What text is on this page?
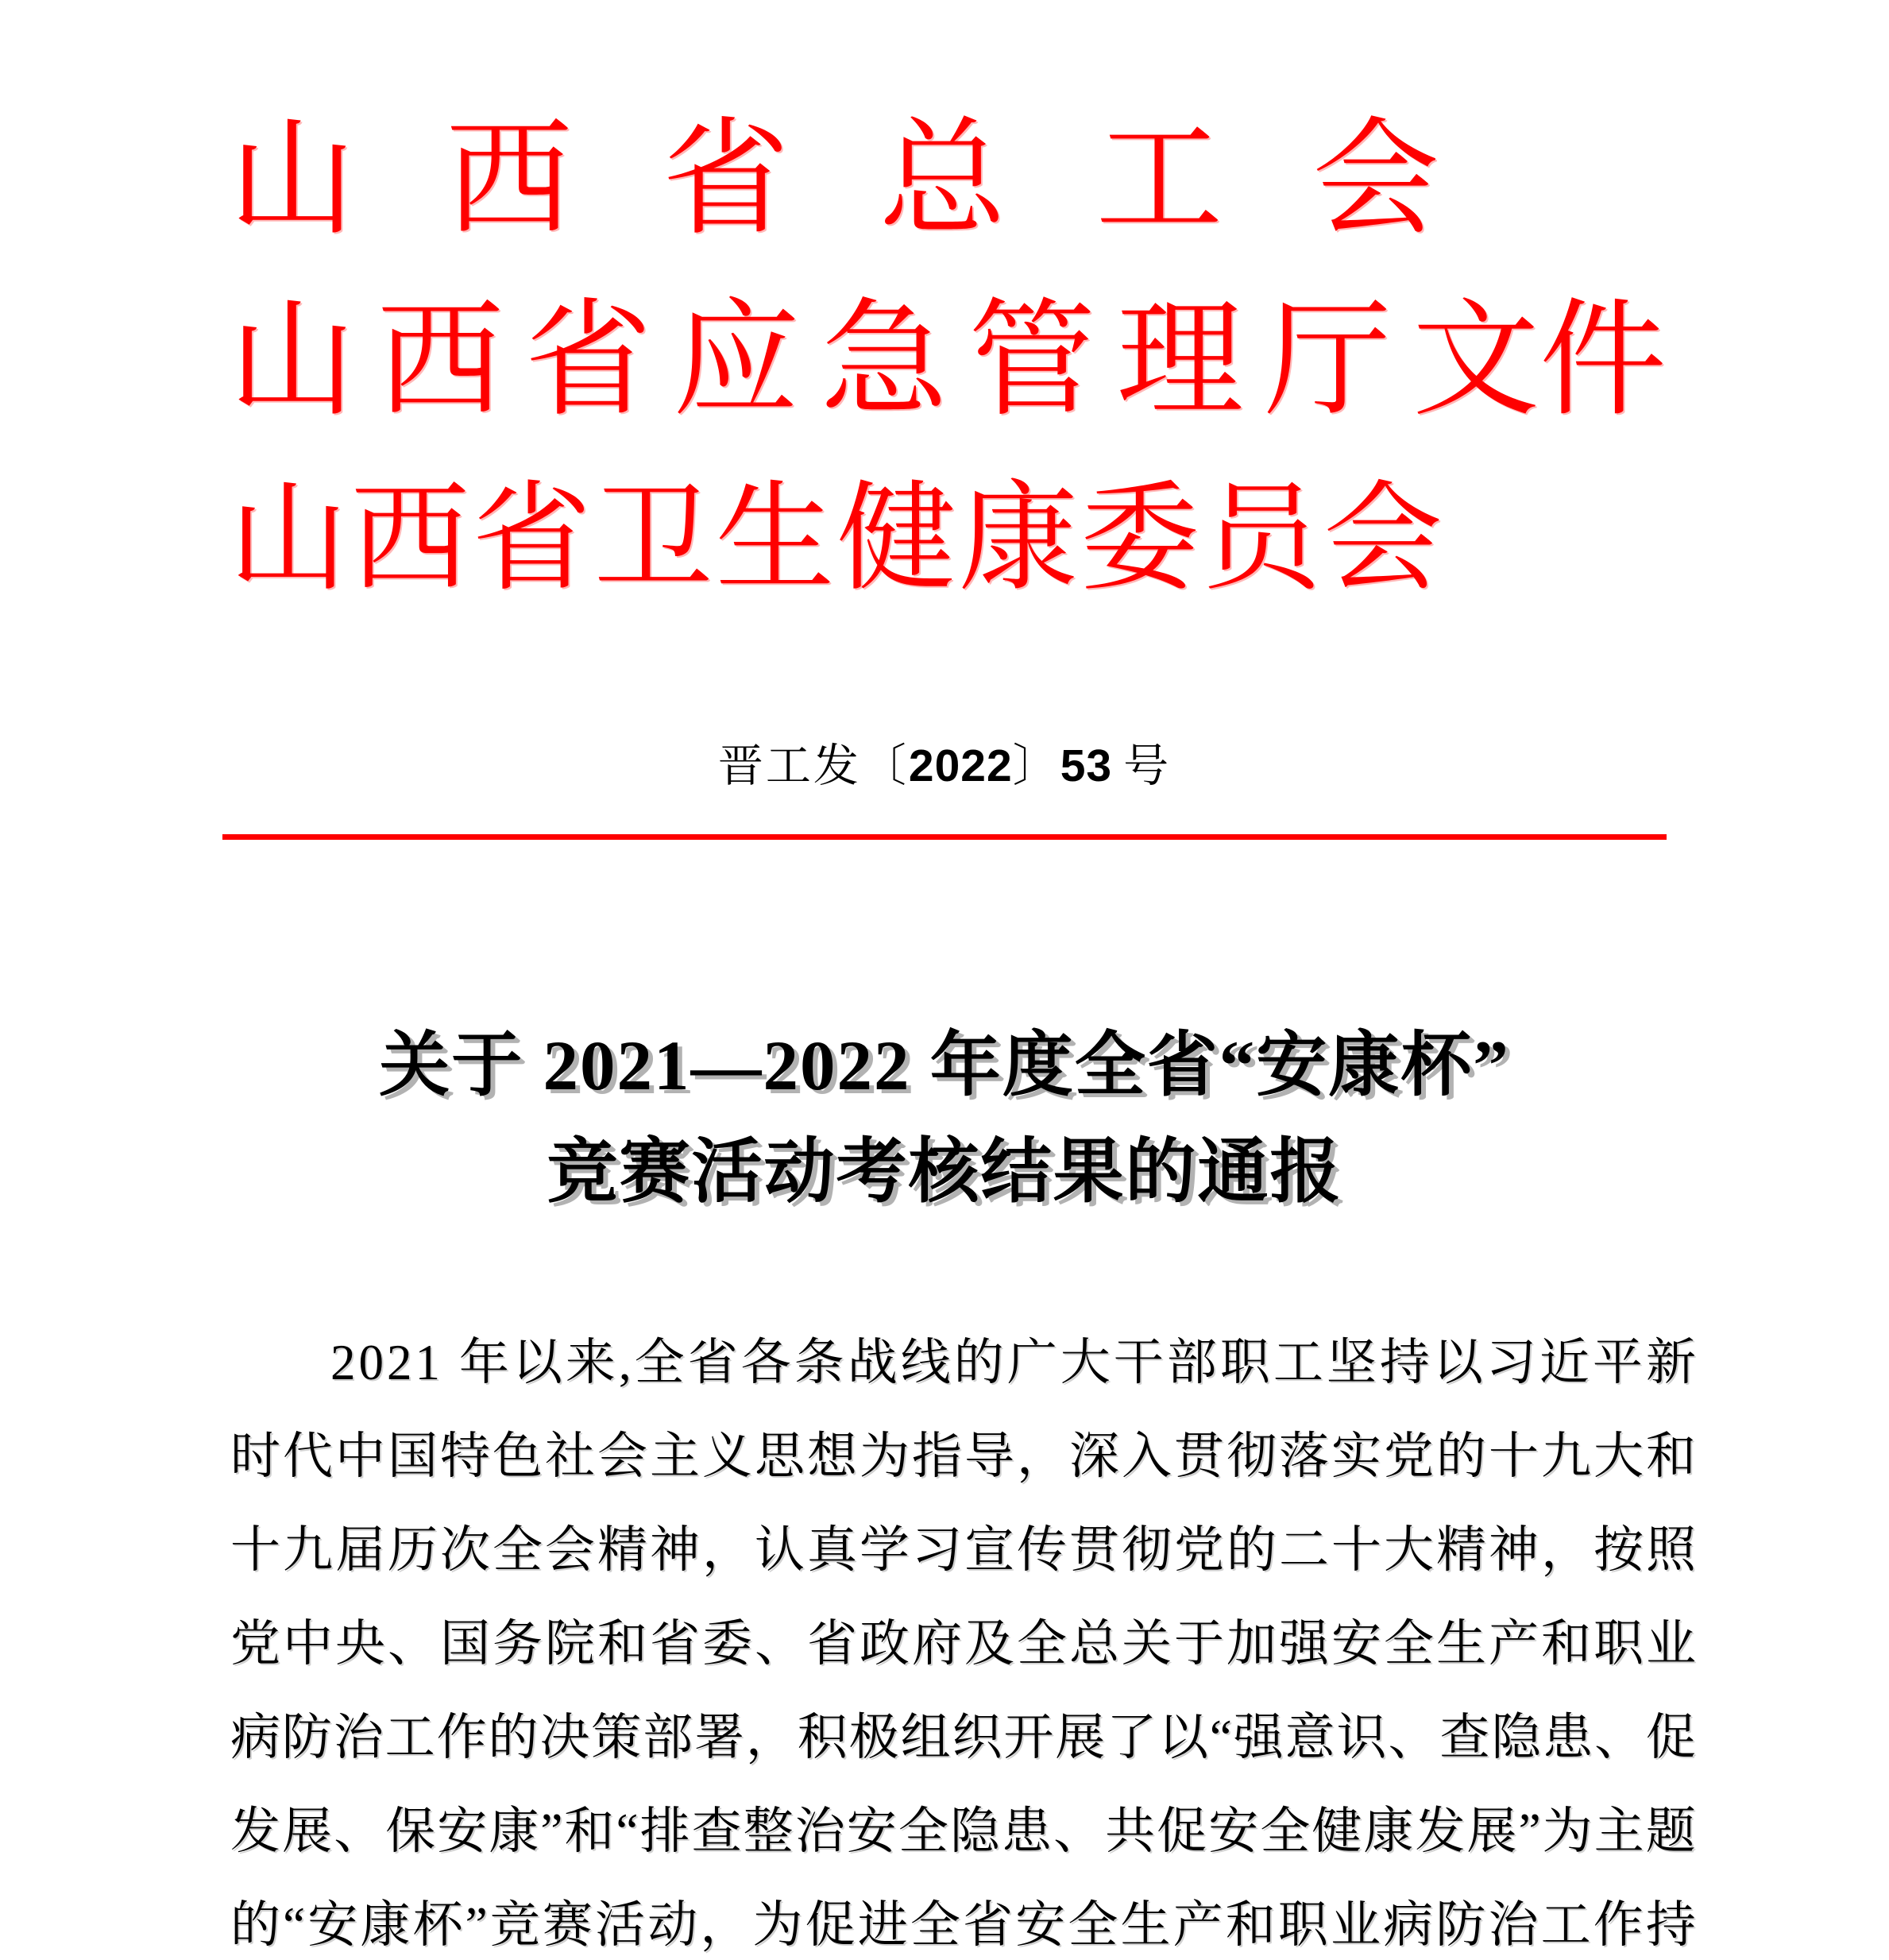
山 西 省 总 工 会
山 西 省 应 急 管 理 厅 文件
山 西 省 卫 生 健 康 委 员 会
晋工发〔2022〕53 号
关于 2021—2022 年度全省“安康杯”
竞赛活动考核结果的通报
2 0 2 1
年 以 来 , 全 省 各 条 战 线 的 广 大 干 部 职 工 坚 持 以 习 近 平 新
时 代 中 国 特 色 社 会 主 义 思 想 为 指 导 ， 深 入 贯 彻 落 实 党 的 十 九 大 和
十 九 届 历 次 全 会 精 神 ， 认 真 学 习 宣 传 贯 彻 党 的 二 十 大 精 神 ， 按 照
党 中 央 、 国 务 院 和 省 委 、 省 政 府 及 全 总 关 于 加 强 安 全 生 产 和 职 业
病 防 治 工 作 的 决 策 部 署 ， 积 极 组 织 开 展 了 以 “ 强 意 识 、 查 隐 患 、 促
发 展 、 保 安 康 ” 和 “ 排 查 整 治 安 全 隐 患 、 共 促 安 全 健 康 发 展 ” 为 主 题
的 “ 安 康 杯 ” 竞 赛 活 动 ， 为 促 进 全 省 安 全 生 产 和 职 业 病 防 治 工 作 持
